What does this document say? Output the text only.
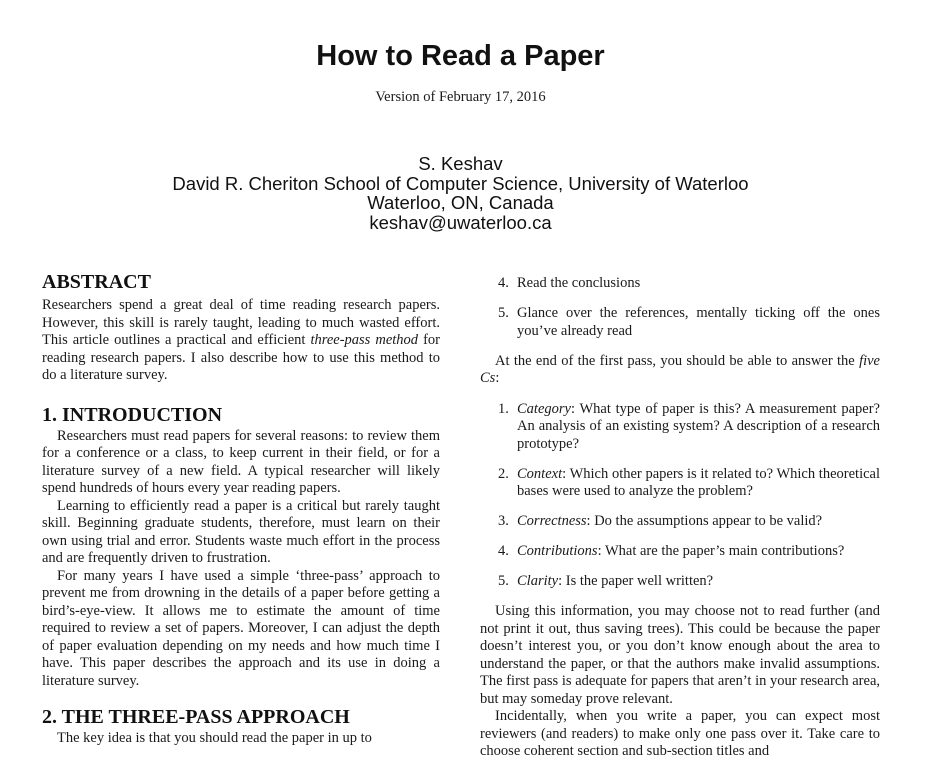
How to Read a Paper
Version of February 17, 2016
S. Keshav
David R. Cheriton School of Computer Science, University of Waterloo
Waterloo, ON, Canada
keshav@uwaterloo.ca
ABSTRACT

Researchers spend a great deal of time reading research papers. However, this skill is rarely taught, leading to much wasted effort. This article outlines a practical and efficient three-pass method for reading research papers. I also describe how to use this method to do a literature survey.

1. INTRODUCTION

Researchers must read papers for several reasons: to review them for a conference or a class, to keep current in their field, or for a literature survey of a new field. A typical researcher will likely spend hundreds of hours every year reading papers.

Learning to efficiently read a paper is a critical but rarely taught skill. Beginning graduate students, therefore, must learn on their own using trial and error. Students waste much effort in the process and are frequently driven to frustration.

For many years I have used a simple ‘three-pass’ approach to prevent me from drowning in the details of a paper before getting a bird’s-eye-view. It allows me to estimate the amount of time required to review a set of papers. Moreover, I can adjust the depth of paper evaluation depending on my needs and how much time I have. This paper describes the approach and its use in doing a literature survey.

2. THE THREE-PASS APPROACH

The key idea is that you should read the paper in up to

4. Read the conclusions
5. Glance over the references, mentally ticking off the ones you’ve already read

At the end of the first pass, you should be able to answer the five Cs:

1. Category: What type of paper is this? A measurement paper? An analysis of an existing system? A description of a research prototype?
2. Context: Which other papers is it related to? Which theoretical bases were used to analyze the problem?
3. Correctness: Do the assumptions appear to be valid?
4. Contributions: What are the paper’s main contributions?
5. Clarity: Is the paper well written?

Using this information, you may choose not to read further (and not print it out, thus saving trees). This could be because the paper doesn’t interest you, or you don’t know enough about the area to understand the paper, or that the authors make invalid assumptions. The first pass is adequate for papers that aren’t in your research area, but may someday prove relevant.

Incidentally, when you write a paper, you can expect most reviewers (and readers) to make only one pass over it. Take care to choose coherent section and sub-section titles and
